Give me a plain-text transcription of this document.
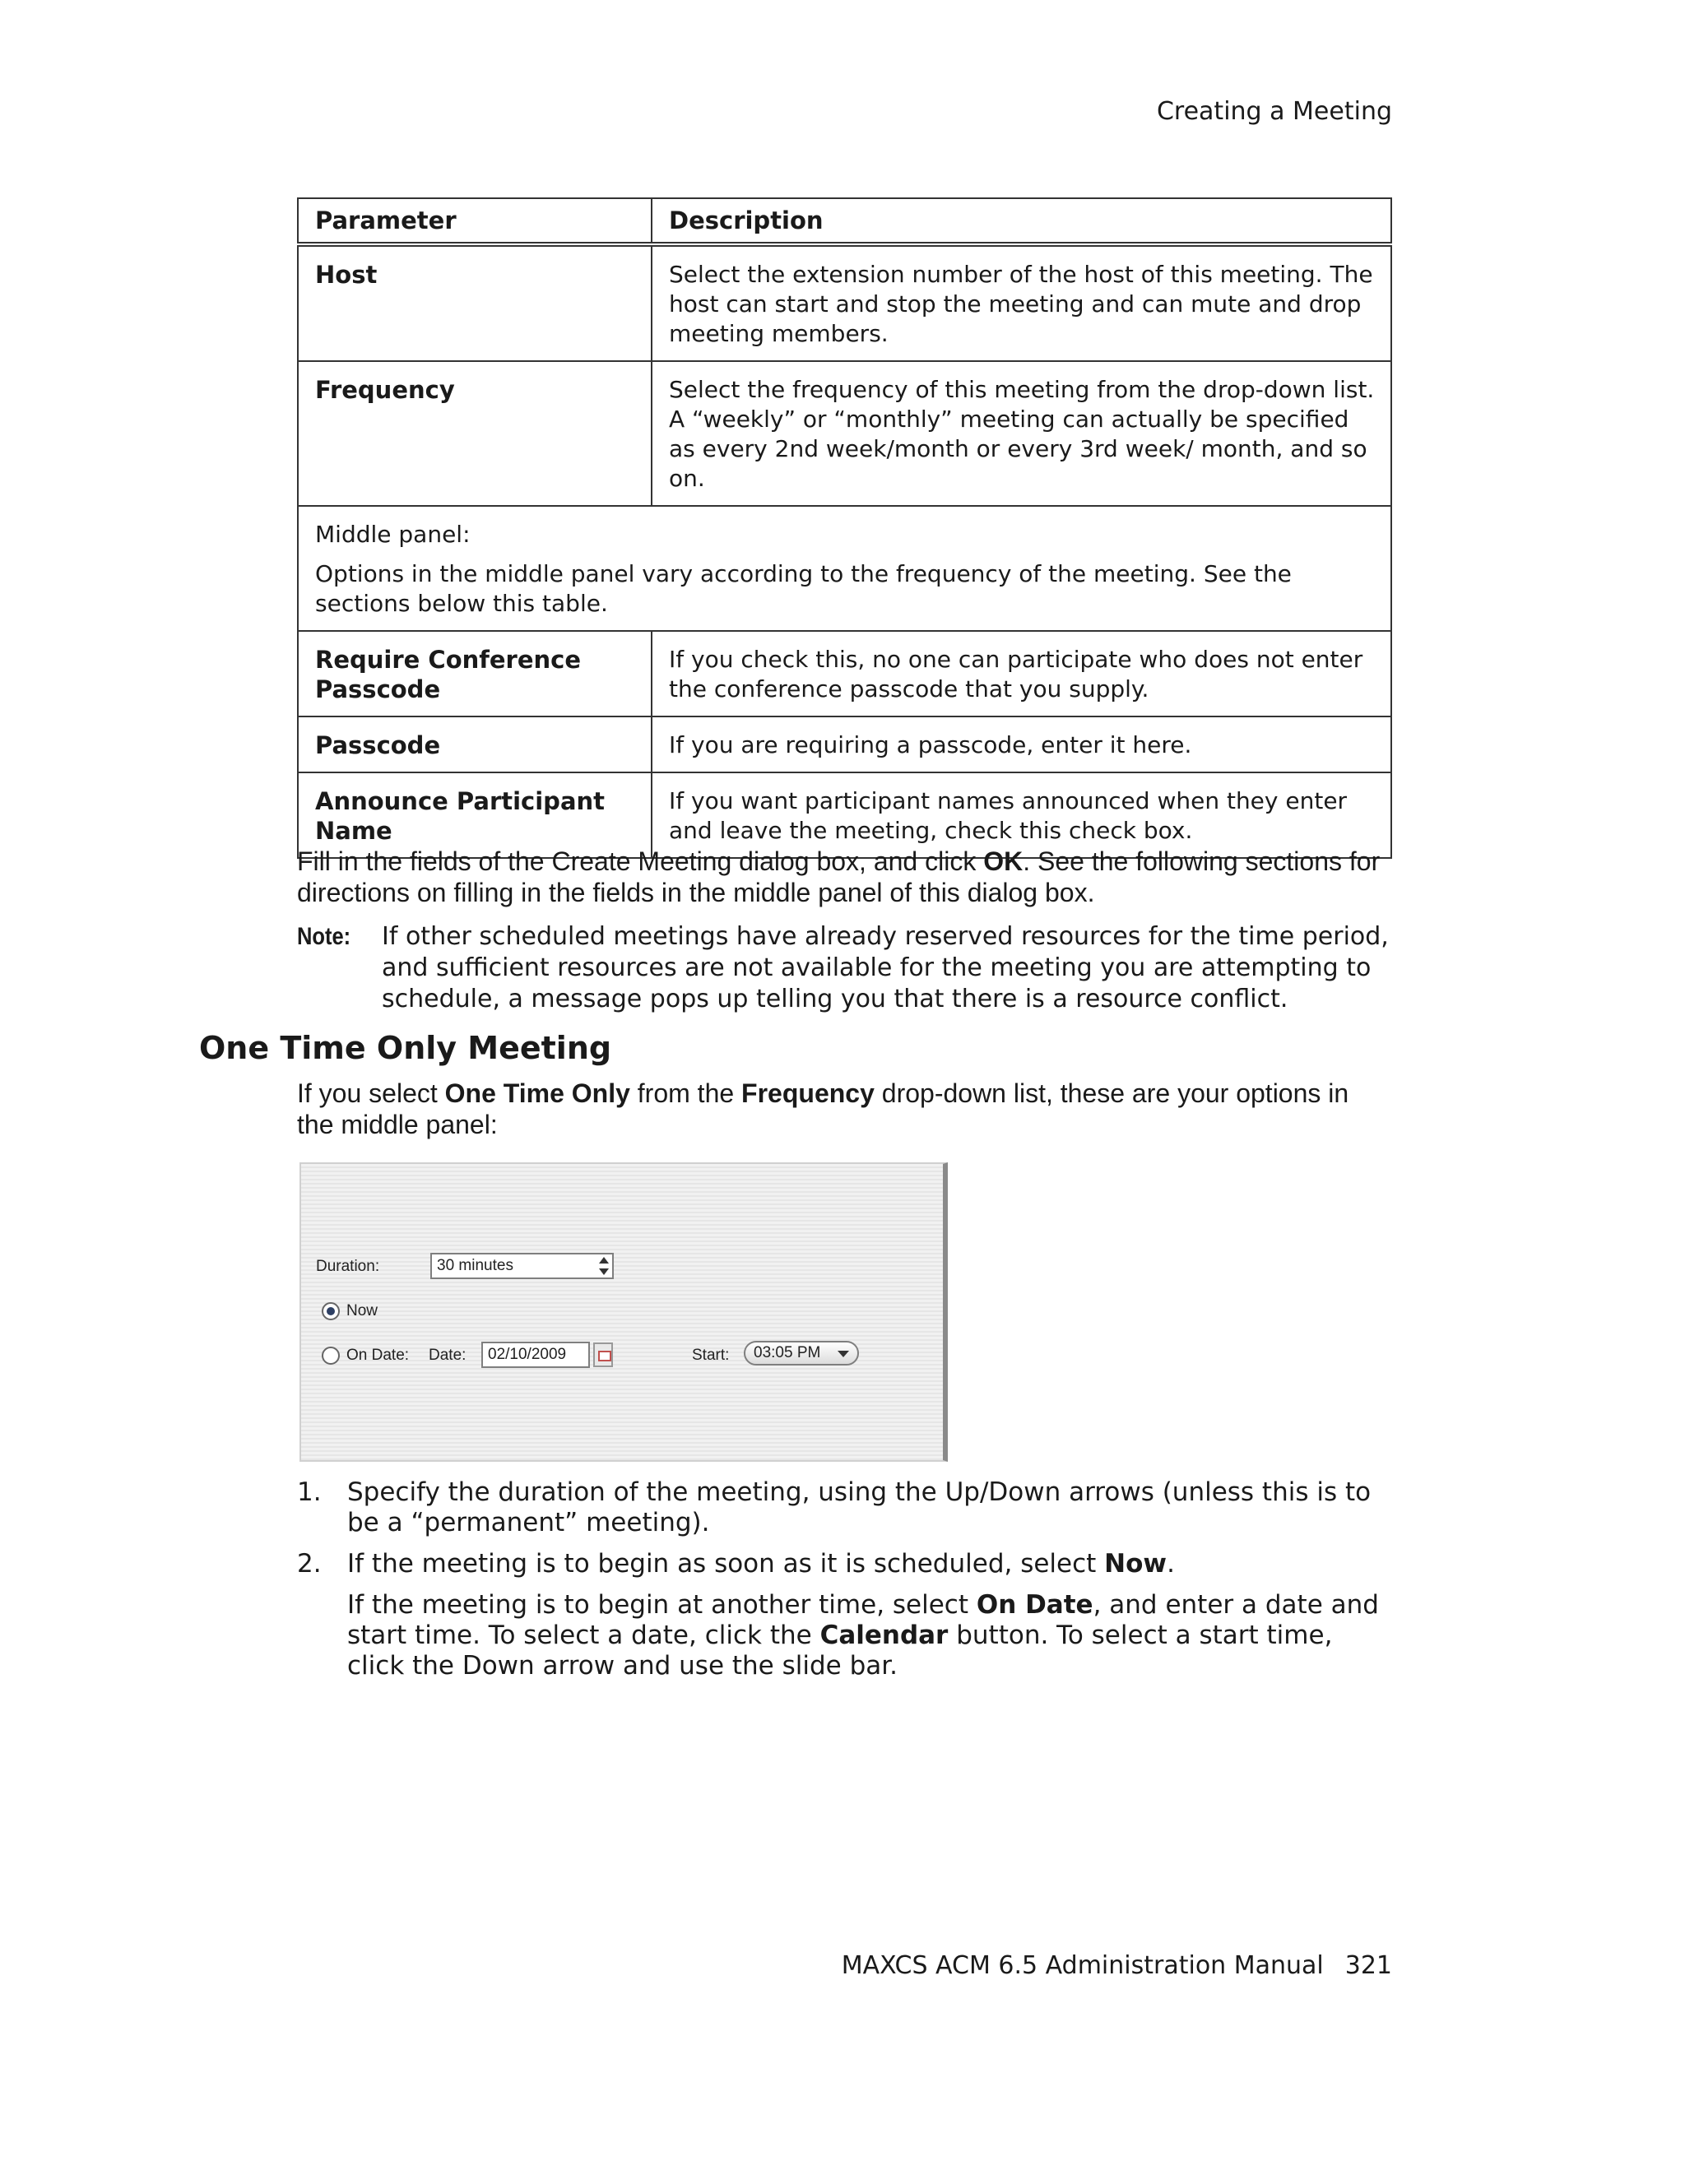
Creating a Meeting
Parameter	Description
Host	Select the extension number of the host of this meeting. The host can start and stop the meeting and can mute and drop meeting members.
Frequency	Select the frequency of this meeting from the drop-down list. A “weekly” or “monthly” meeting can actually be specified as every 2nd week/month or every 3rd week/ month, and so on.

Middle panel:

Options in the middle panel vary according to the frequency of the meeting. See the sections below this table.	

Require Conference Passcode	If you check this, no one can participate who does not enter the conference passcode that you supply.
Passcode	If you are requiring a passcode, enter it here.
Announce Participant Name	If you want participant names announced when they enter and leave the meeting, check this check box.
Fill in the fields of the Create Meeting dialog box, and click OK. See the following sections for directions on filling in the fields in the middle panel of this dialog box.
Note:	If other scheduled meetings have already reserved resources for the time period, and sufficient resources are not available for the meeting you are attempting to schedule, a message pops up telling you that there is a resource conflict.
One Time Only Meeting
If you select One Time Only from the Frequency drop-down list, these are your options in the middle panel:
Duration:	30 minutes
Now
On Date: Date:	02/10/2009	Start:	03:05 PM
1.	Specify the duration of the meeting, using the Up/Down arrows (unless this is to be a “permanent” meeting).
2.	If the meeting is to begin as soon as it is scheduled, select Now.

If the meeting is to begin at another time, select On Date, and enter a date and start time. To select a date, click the Calendar button. To select a start time, click the Down arrow and use the slide bar.

MAXCS ACM 6.5 Administration Manual 321
